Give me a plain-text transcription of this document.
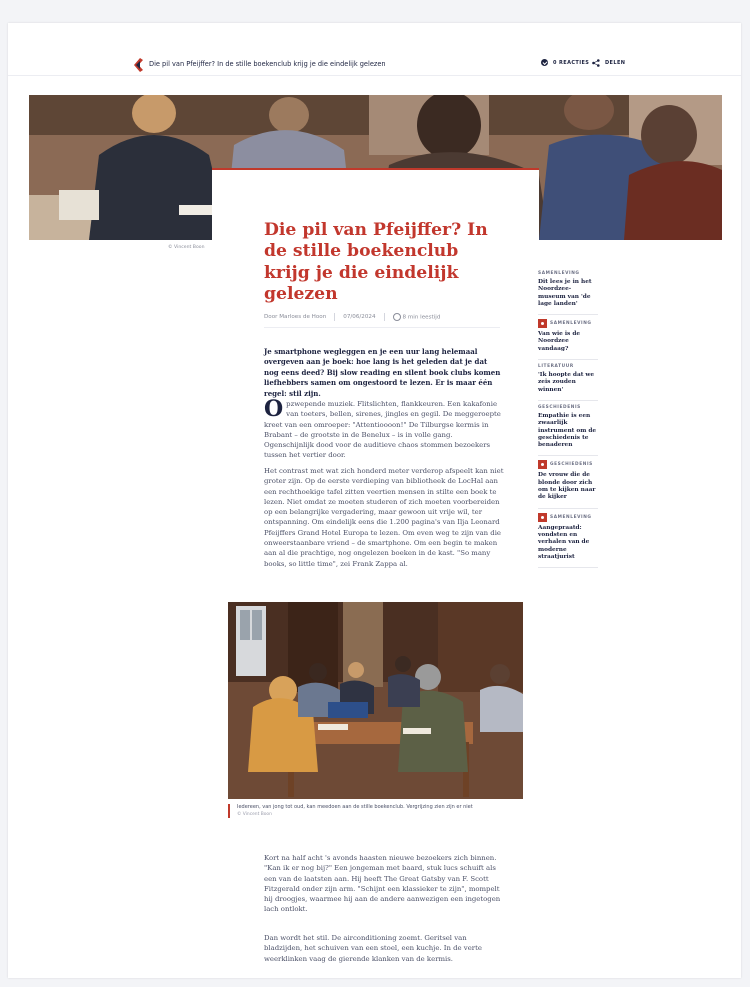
Die pil van Pfeijffer? In de stille boekenclub krijg je die eindelijk gelezen	0 REACTIES	DELEN
© Vincent Boon
Die pil van Pfeijffer? In de stille boekenclub krijg je die eindelijk gelezen
Door Marloes de Hoon	07/06/2024	8 min leestijd

Je smartphone wegleggen en je een uur lang helemaal overgeven aan je boek: hoe lang is het geleden dat je dat nog eens deed? Bij slow reading en silent book clubs komen liefhebbers samen om ongestoord te lezen. Er is maar één regel: stil zijn.

Opzwepende muziek. Flitslichten, flankkeuren. Een kakafonie van toeters, bellen, sirenes, jingles en gegil. De meggeroepte kreet van een omroeper: "Attentioooon!" De Tilburgse kermis in Brabant – de grootste in de Benelux – is in volle gang. Ogenschijnlijk dood voor de auditieve chaos stommen bezoekers tussen het vertier door.

Het contrast met wat zich honderd meter verderop afspeelt kan niet groter zijn. Op de eerste verdieping van bibliotheek de LocHal aan een rechthoekige tafel zitten veertien mensen in stilte een boek te lezen. Niet omdat ze moeten studeren of zich moeten voorbereiden op een belangrijke vergadering, maar gewoon uit vrije wil, ter ontspanning. Om eindelijk eens die 1.200 pagina's van Ilja Leonard Pfeijffers Grand Hotel Europa te lezen. Om even weg te zijn van die onweerstaanbare vriend – de smartphone. Om een begin te maken aan al die prachtige, nog ongelezen boeken in de kast. "So many books, so little time", zei Frank Zappa al.

Kort na half acht 's avonds haasten nieuwe bezoekers zich binnen. "Kan ik er nog bij?" Een jongeman met baard, stuk lucs schuift als een van de laatsten aan. Hij heeft The Great Gatsby van F. Scott Fitzgerald onder zijn arm. "Schijnt een klassieker te zijn", mompelt hij droogjes, waarmee hij aan de andere aanwezigen een ingetogen lach ontlokt.

Dan wordt het stil. De airconditioning zoemt. Geritsel van bladzijden, het schuiven van een stoel, een kuchje. In de verte weerklinken vaag de gierende klanken van de kermis.

Iedereen, van jong tot oud, kan meedoen aan de stille boekenclub. Vergrijzing zien zijn er niet
© Vincent Boon
SAMENLEVING
Dit lees je in het Noordzee-museum van 'de lage landen'
SAMENLEVING
Van wie is de Noordzee vandaag?
LITERATUUR
'Ik hoopte dat we zeis zouden winnen'
GESCHIEDENIS
Empathie is een zwaarlijk instrument om de geschiedenis te benaderen
GESCHIEDENIS
De vrouw die de blonde door zich om te kijken naar de kijker
SAMENLEVING
Aangepraatd: vondsten en verhalen van de moderne straatjurist
